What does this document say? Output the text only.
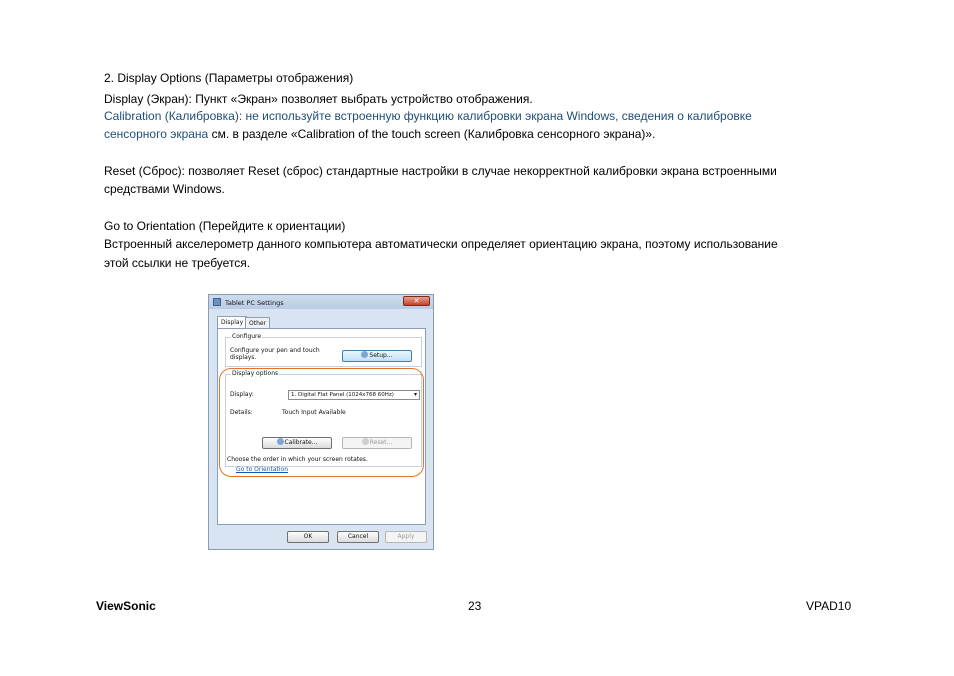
2. Display Options (Параметры отображения)
Display (Экран): Пункт «Экран» позволяет выбрать устройство отображения.
Calibration (Калибровка): не используйте встроенную функцию калибровки экрана Windows, сведения о калибровке
сенсорного экрана см. в разделе «Calibration of the touch screen (Калибровка сенсорного экрана)».
Reset (Сброс): позволяет Reset (сброс) стандартные настройки в случае некорректной калибровки экрана встроенными
средствами Windows.
Go to Orientation (Перейдите к ориентации)
Встроенный акселерометр данного компьютера автоматически определяет ориентацию экрана, поэтому использование
этой ссылки не требуется.
Tablet PC Settings	✕
Display Other
Configure
Configure your pen and touch
displays.	Setup...
Display options
Display:	1. Digital Flat Panel (1024x768 60Hz)	▾
Details:	Touch Input Available
Calibrate...	Reset...
Choose the order in which your screen rotates.
Go to Orientation
OK	Cancel	Apply
ViewSonic	23	VPAD10
